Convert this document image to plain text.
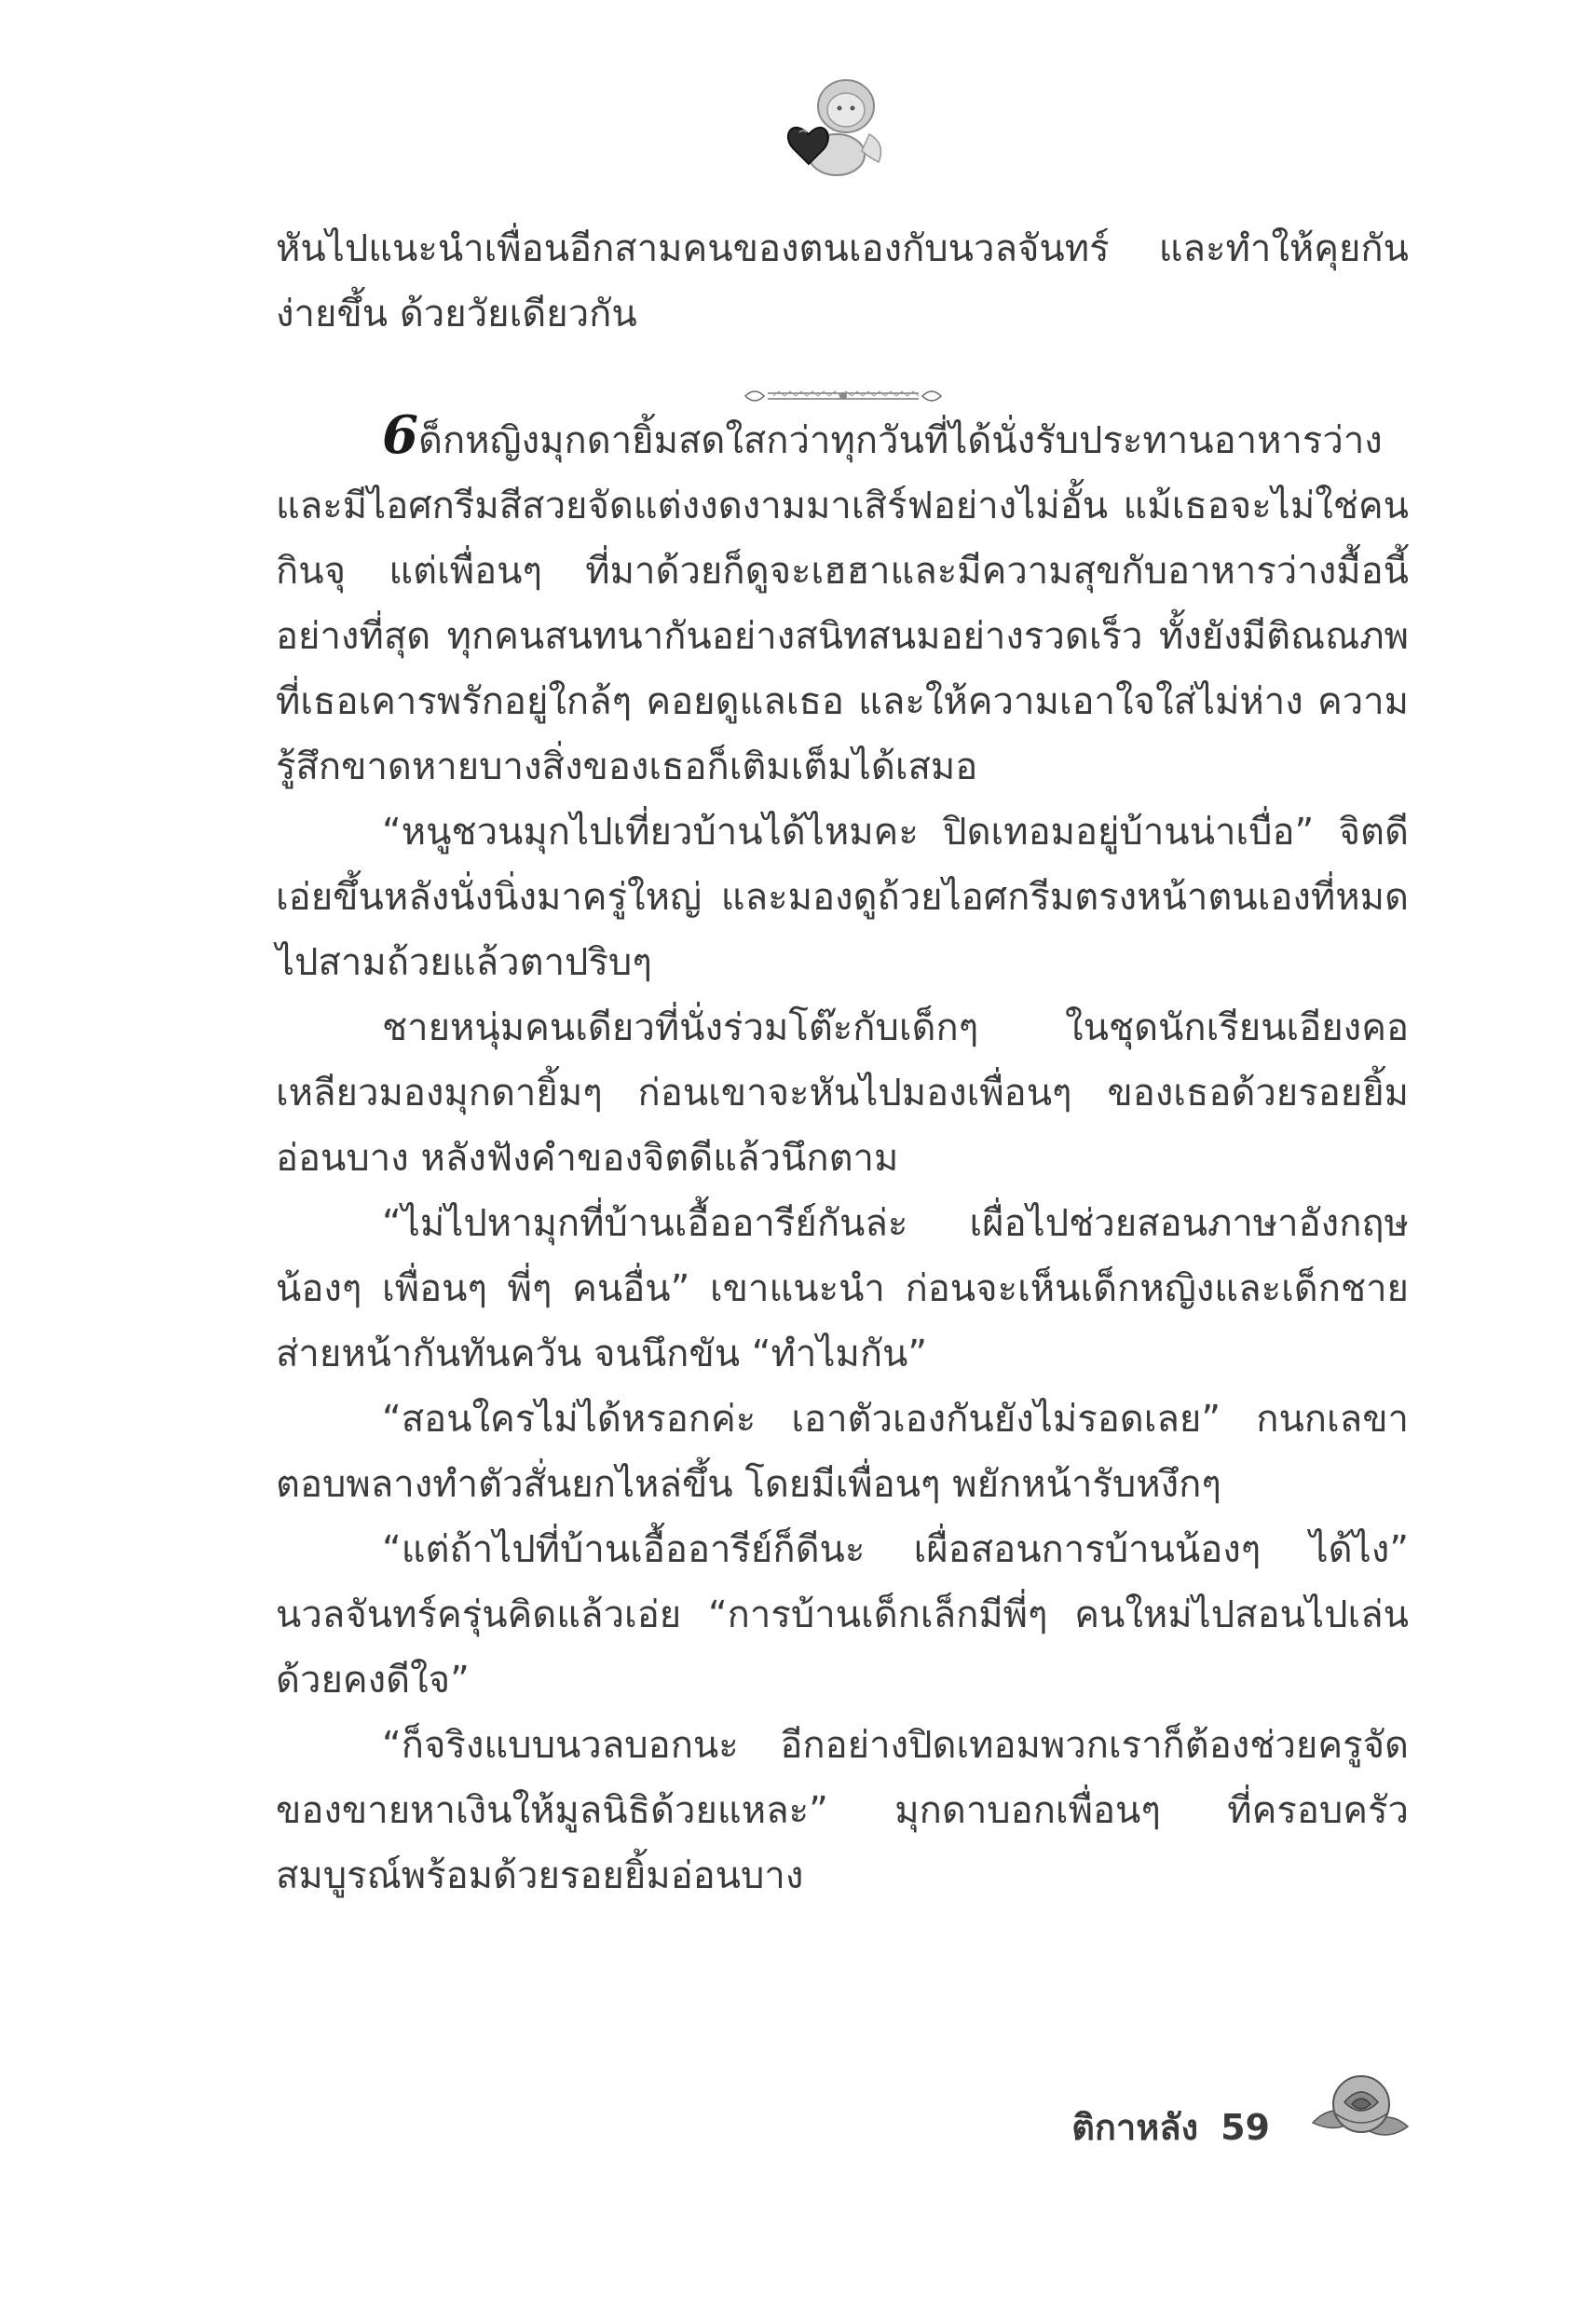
หันไปแนะนำเพื่อนอีกสามคนของตนเองกับนวลจันทร์ และทำให้คุยกันง่ายขึ้น ด้วยวัยเดียวกัน

6ด็กหญิงมุกดายิ้มสดใสกว่าทุกวันที่ได้นั่งรับประทานอาหารว่างและมีไอศกรีมสีสวยจัดแต่งงดงามมาเสิร์ฟอย่างไม่อั้น แม้เธอจะไม่ใช่คนกินจุ แต่เพื่อนๆ ที่มาด้วยก็ดูจะเฮฮาและมีความสุขกับอาหารว่างมื้อนี้อย่างที่สุด ทุกคนสนทนากันอย่างสนิทสนมอย่างรวดเร็ว ทั้งยังมีติณณภพที่เธอเคารพรักอยู่ใกล้ๆ คอยดูแลเธอ และให้ความเอาใจใส่ไม่ห่าง ความรู้สึกขาดหายบางสิ่งของเธอก็เติมเต็มได้เสมอ

“หนูชวนมุกไปเที่ยวบ้านได้ไหมคะ ปิดเทอมอยู่บ้านน่าเบื่อ” จิตดีเอ่ยขึ้นหลังนั่งนิ่งมาครู่ใหญ่ และมองดูถ้วยไอศกรีมตรงหน้าตนเองที่หมดไปสามถ้วยแล้วตาปริบๆ

ชายหนุ่มคนเดียวที่นั่งร่วมโต๊ะกับเด็กๆ ในชุดนักเรียนเอียงคอเหลียวมองมุกดายิ้มๆ ก่อนเขาจะหันไปมองเพื่อนๆ ของเธอด้วยรอยยิ้มอ่อนบาง หลังฟังคำของจิตดีแล้วนึกตาม

“ไม่ไปหามุกที่บ้านเอื้ออารีย์กันล่ะ เผื่อไปช่วยสอนภาษาอังกฤษน้องๆ เพื่อนๆ พี่ๆ คนอื่น” เขาแนะนำ ก่อนจะเห็นเด็กหญิงและเด็กชายส่ายหน้ากันทันควัน จนนึกขัน “ทำไมกัน”

“สอนใครไม่ได้หรอกค่ะ เอาตัวเองกันยังไม่รอดเลย” กนกเลขาตอบพลางทำตัวสั่นยกไหล่ขึ้น โดยมีเพื่อนๆ พยักหน้ารับหงึกๆ

“แต่ถ้าไปที่บ้านเอื้ออารีย์ก็ดีนะ เผื่อสอนการบ้านน้องๆ ได้ไง” นวลจันทร์ครุ่นคิดแล้วเอ่ย “การบ้านเด็กเล็กมีพี่ๆ คนใหม่ไปสอนไปเล่นด้วยคงดีใจ”

“ก็จริงแบบนวลบอกนะ อีกอย่างปิดเทอมพวกเราก็ต้องช่วยครูจัดของขายหาเงินให้มูลนิธิด้วยแหละ” มุกดาบอกเพื่อนๆ ที่ครอบครัวสมบูรณ์พร้อมด้วยรอยยิ้มอ่อนบาง

ติกาหลัง 59
